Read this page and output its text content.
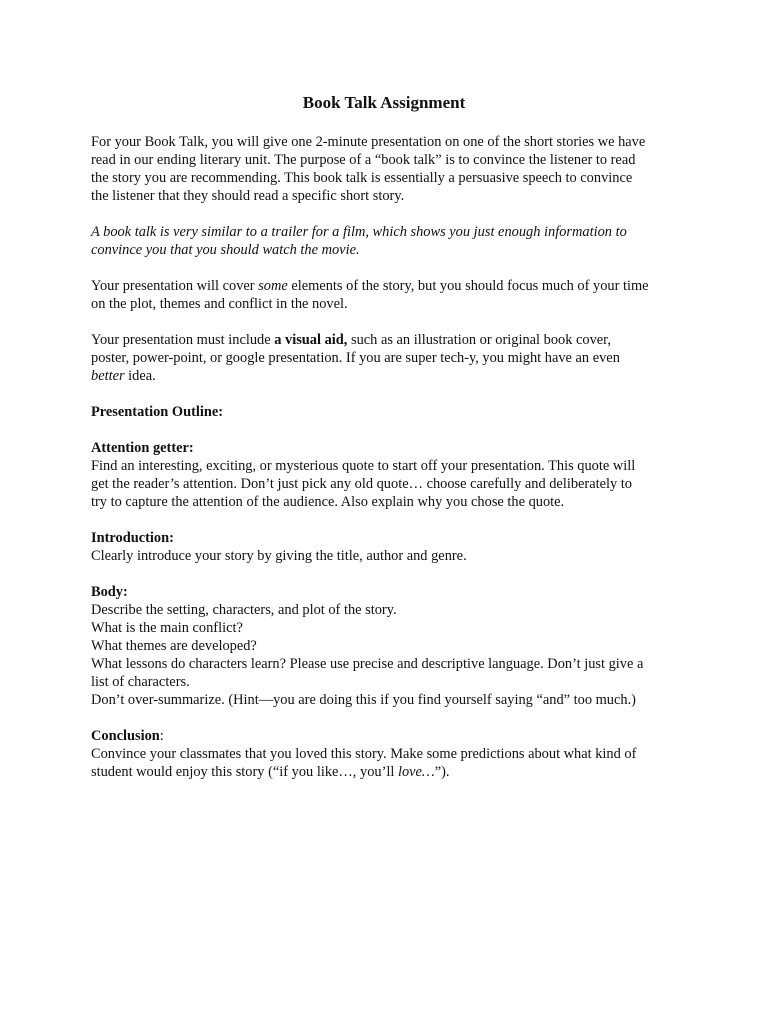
Book Talk Assignment
For your Book Talk, you will give one 2-minute presentation on one of the short stories we have
read in our ending literary unit. The purpose of a “book talk” is to convince the listener to read
the story you are recommending. This book talk is essentially a persuasive speech to convince
the listener that they should read a specific short story.
A book talk is very similar to a trailer for a film, which shows you just enough information to
convince you that you should watch the movie.
Your presentation will cover some elements of the story, but you should focus much of your time
on the plot, themes and conflict in the novel.
Your presentation must include a visual aid, such as an illustration or original book cover,
poster, power-point, or google presentation. If you are super tech-y, you might have an even
better idea.
Presentation Outline:
Attention getter:
Find an interesting, exciting, or mysterious quote to start off your presentation. This quote will
get the reader’s attention. Don’t just pick any old quote… choose carefully and deliberately to
try to capture the attention of the audience. Also explain why you chose the quote.
Introduction:
Clearly introduce your story by giving the title, author and genre.
Body:
Describe the setting, characters, and plot of the story.
What is the main conflict?
What themes are developed?
What lessons do characters learn? Please use precise and descriptive language. Don’t just give a
list of characters.
Don’t over-summarize. (Hint—you are doing this if you find yourself saying “and” too much.)
Conclusion:
Convince your classmates that you loved this story. Make some predictions about what kind of
student would enjoy this story (“if you like…, you’ll love…”).
